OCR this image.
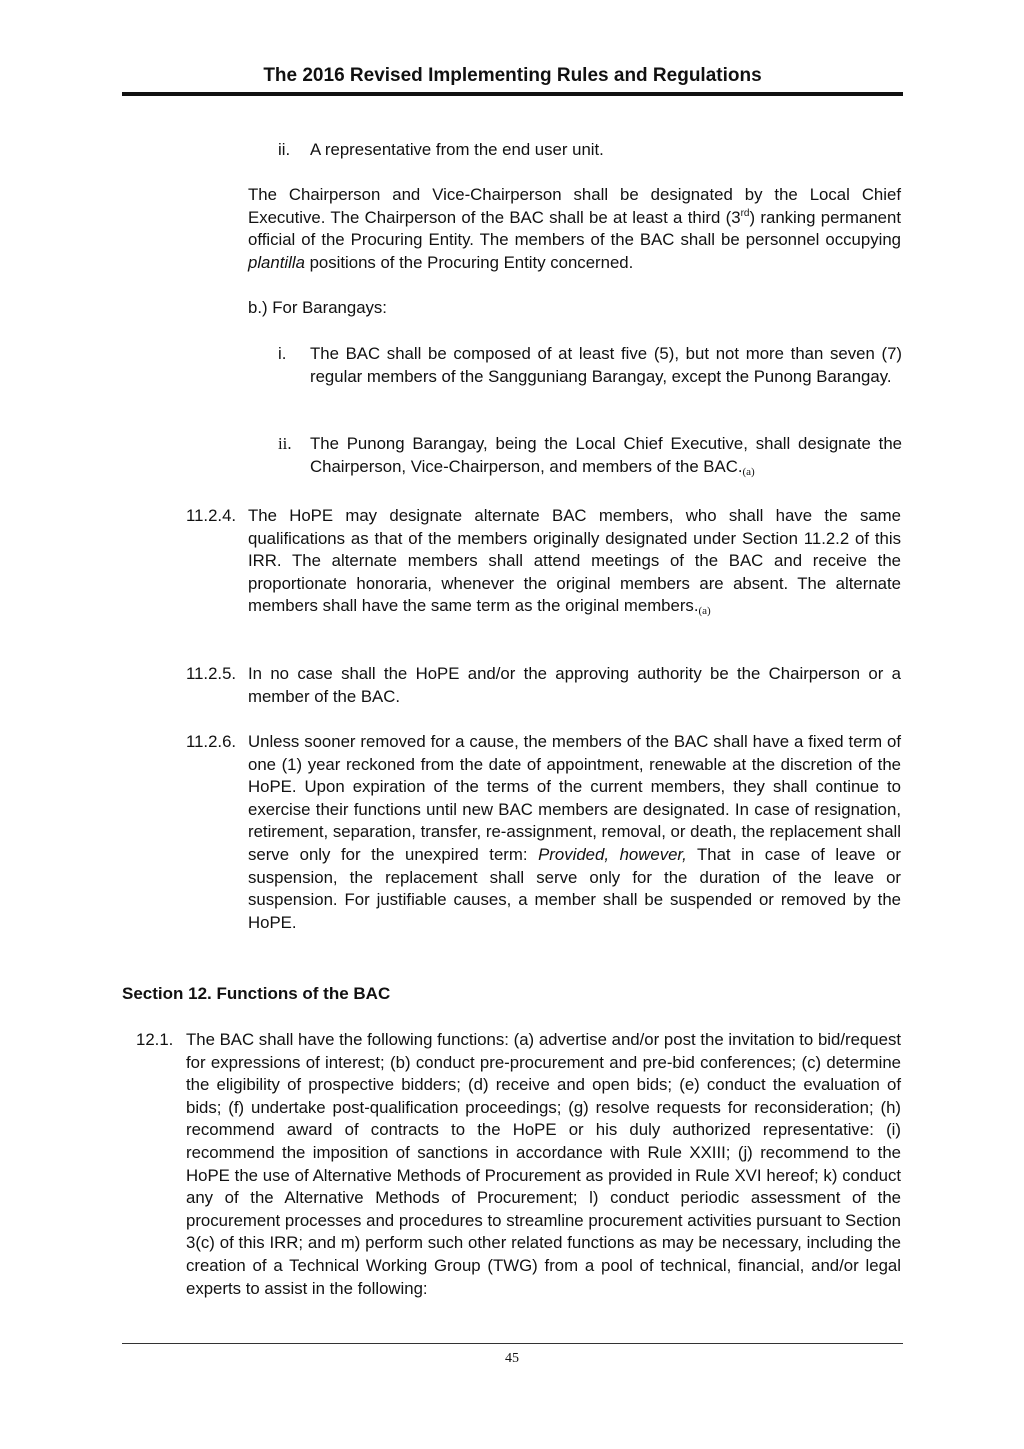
The 2016 Revised Implementing Rules and Regulations
ii. A representative from the end user unit.

The Chairperson and Vice-Chairperson shall be designated by the Local Chief Executive. The Chairperson of the BAC shall be at least a third (3rd) ranking permanent official of the Procuring Entity. The members of the BAC shall be personnel occupying plantilla positions of the Procuring Entity concerned.

b.) For Barangays:
i. The BAC shall be composed of at least five (5), but not more than seven (7) regular members of the Sangguniang Barangay, except the Punong Barangay.
ii. The Punong Barangay, being the Local Chief Executive, shall designate the Chairperson, Vice-Chairperson, and members of the $BAC._{(a)}$
11.2.4. The HoPE may designate alternate BAC members, who shall have the same qualifications as that of the members originally designated under Section 11.2.2 of this IRR. The alternate members shall attend meetings of the BAC and receive the proportionate honoraria, whenever the original members are absent. The alternate members shall have the same term as the original $members._{(a)}$
11.2.5. In no case shall the HoPE and/or the approving authority be the Chairperson or a member of the BAC.
11.2.6. Unless sooner removed for a cause, the members of the BAC shall have a fixed term of one (1) year reckoned from the date of appointment, renewable at the discretion of the HoPE. Upon expiration of the terms of the current members, they shall continue to exercise their functions until new BAC members are designated. In case of resignation, retirement, separation, transfer, re-assignment, removal, or death, the replacement shall serve only for the unexpired term: Provided, however, That in case of leave or suspension, the replacement shall serve only for the duration of the leave or suspension. For justifiable causes, a member shall be suspended or removed by the HoPE.
Section 12. Functions of the BAC
12.1. The BAC shall have the following functions: (a) advertise and/or post the invitation to bid/request for expressions of interest; (b) conduct pre-procurement and pre-bid conferences; (c) determine the eligibility of prospective bidders; (d) receive and open bids; (e) conduct the evaluation of bids; (f) undertake post-qualification proceedings; (g) resolve requests for reconsideration; (h) recommend award of contracts to the HoPE or his duly authorized representative: (i) recommend the imposition of sanctions in accordance with Rule XXIII; (j) recommend to the HoPE the use of Alternative Methods of Procurement as provided in Rule XVI hereof; k) conduct any of the Alternative Methods of Procurement; l) conduct periodic assessment of the procurement processes and procedures to streamline procurement activities pursuant to Section 3(c) of this IRR; and m) perform such other related functions as may be necessary, including the creation of a Technical Working Group (TWG) from a pool of technical, financial, and/or legal experts to assist in the following:
45
